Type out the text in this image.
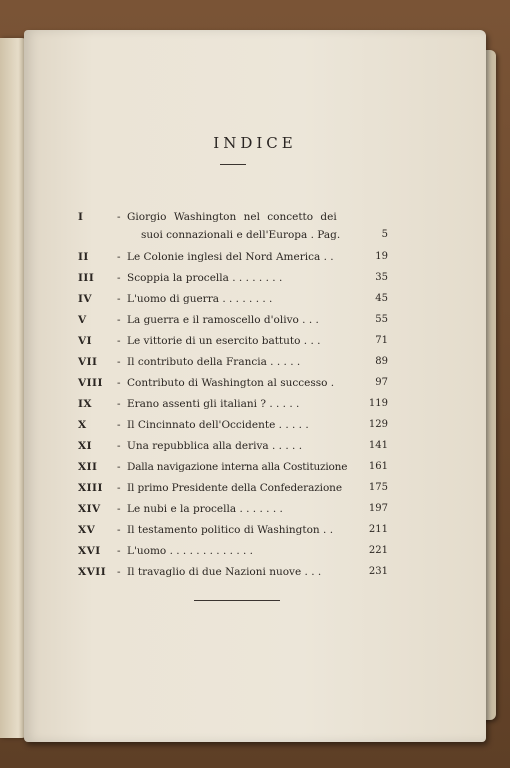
INDICE
I	- Giorgio Washington nel concetto dei
suoi connazionali e dell'Europa . Pag.	5
II	- Le Colonie inglesi del Nord America . .	19
III - Scoppia la procella . . . . . . . .	35
IV - L'uomo di guerra . . . . . . . .	45
V	- La guerra e il ramoscello d'olivo . . .	55
VI - Le vittorie di un esercito battuto . . .	71
VII - Il contributo della Francia . . . . .	89
VIII - Contributo di Washington al successo .	97
IX - Erano assenti gli italiani ? . . . . .	119
X	- Il Cincinnato dell'Occidente . . . . .	129
XI - Una repubblica alla deriva . . . . .	141
XII - Dalla navigazione interna alla Costituzione	161
XIII - Il primo Presidente della Confederazione	175
XIV - Le nubi e la procella . . . . . . .	197
XV - Il testamento politico di Washington . .	211
XVI - L'uomo . . . . . . . . . . . . .	221
XVII - Il travaglio di due Nazioni nuove . . .	231
